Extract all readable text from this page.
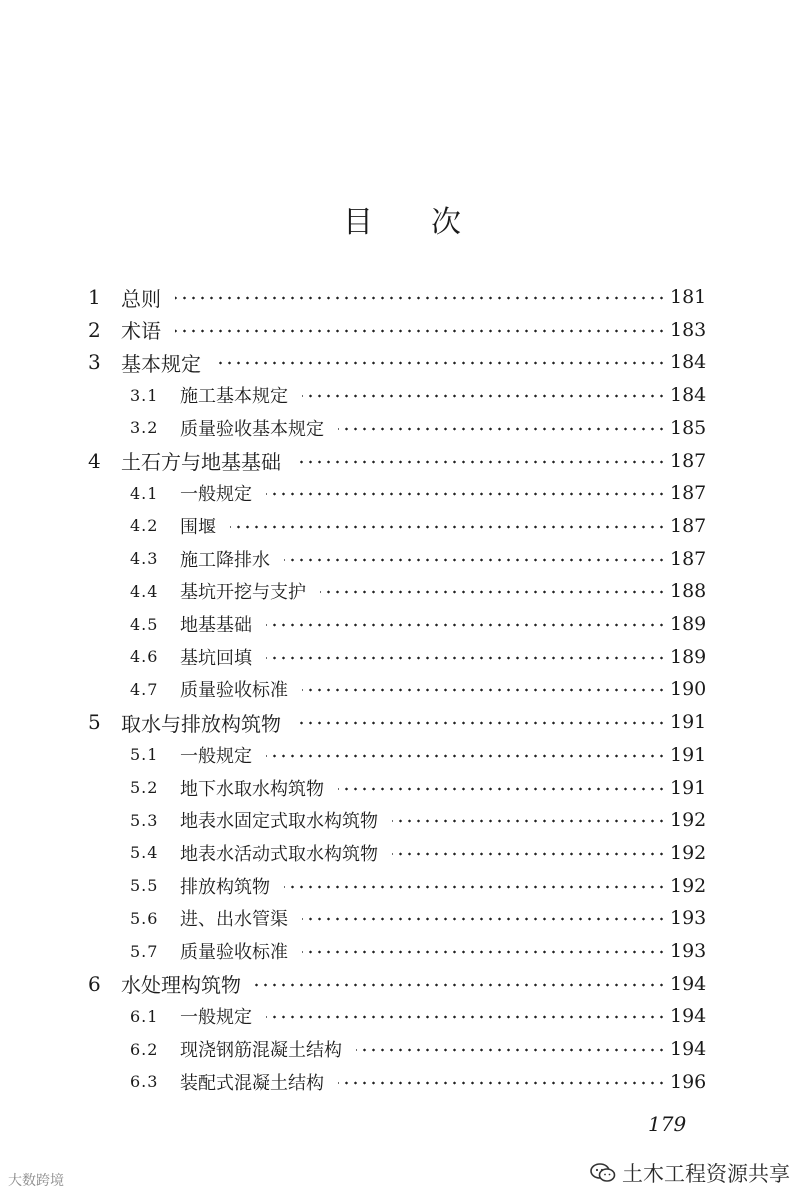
目 次
1 总则	181
2 术语	183
3 基本规定	184
3.1 施工基本规定	184
3.2 质量验收基本规定	185
4 土石方与地基基础	187
4.1 一般规定	187
4.2 围堰	187
4.3 施工降排水	187
4.4 基坑开挖与支护	188
4.5 地基基础	189
4.6 基坑回填	189
4.7 质量验收标准	190
5 取水与排放构筑物	191
5.1 一般规定	191
5.2 地下水取水构筑物	191
5.3 地表水固定式取水构筑物	192
5.4 地表水活动式取水构筑物	192
5.5 排放构筑物	192
5.6 进、出水管渠	193
5.7 质量验收标准	193
6 水处理构筑物	194
6.1 一般规定	194
6.2 现浇钢筋混凝土结构	194
6.3 装配式混凝土结构	196
179
大数跨境	土木工程资源共享
